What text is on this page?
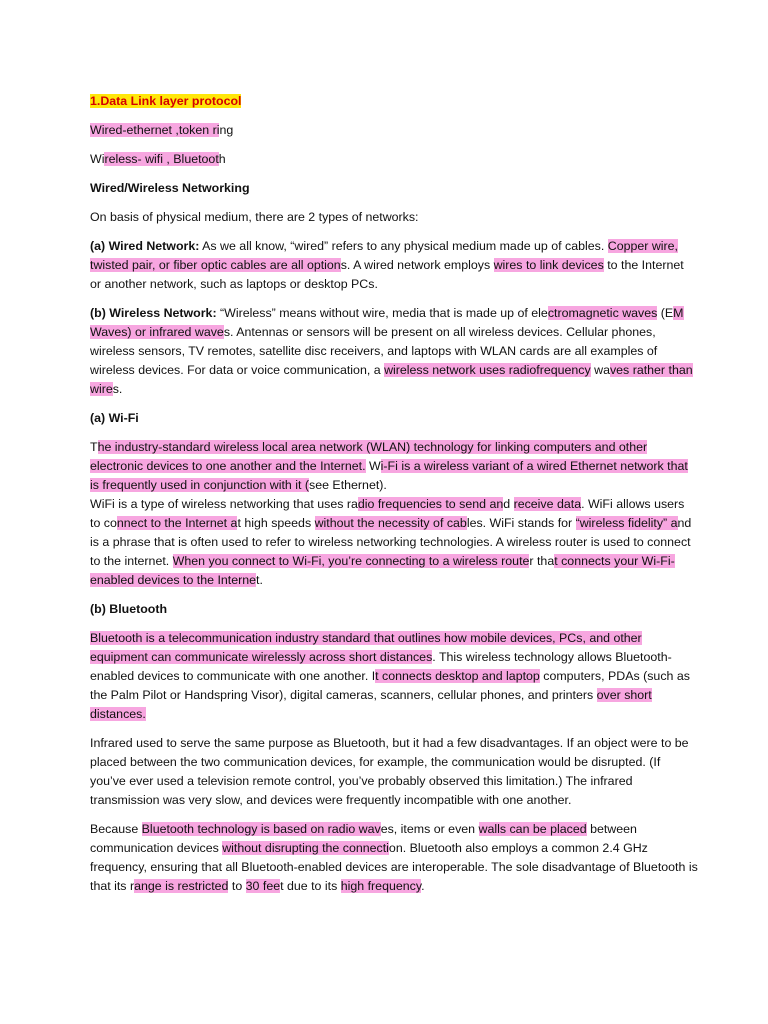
1.Data Link layer protocol

Wired-ethernet ,token ring

Wireless- wifi , Bluetooth

Wired/Wireless Networking

On basis of physical medium, there are 2 types of networks:

(a) Wired Network: As we all know, “wired” refers to any physical medium made up of cables. Copper wire, twisted pair, or fiber optic cables are all options. A wired network employs wires to link devices to the Internet or another network, such as laptops or desktop PCs.

(b) Wireless Network: “Wireless” means without wire, media that is made up of electromagnetic waves (EM Waves) or infrared waves. Antennas or sensors will be present on all wireless devices. Cellular phones, wireless sensors, TV remotes, satellite disc receivers, and laptops with WLAN cards are all examples of wireless devices. For data or voice communication, a wireless network uses radiofrequency waves rather than wires.

(a) Wi-Fi

The industry-standard wireless local area network (WLAN) technology for linking computers and other electronic devices to one another and the Internet. Wi-Fi is a wireless variant of a wired Ethernet network that is frequently used in conjunction with it (see Ethernet).
WiFi is a type of wireless networking that uses radio frequencies to send and receive data. WiFi allows users to connect to the Internet at high speeds without the necessity of cables. WiFi stands for “wireless fidelity” and is a phrase that is often used to refer to wireless networking technologies. A wireless router is used to connect to the internet. When you connect to Wi-Fi, you’re connecting to a wireless router that connects your Wi-Fi-enabled devices to the Internet.

(b) Bluetooth

Bluetooth is a telecommunication industry standard that outlines how mobile devices, PCs, and other equipment can communicate wirelessly across short distances. This wireless technology allows Bluetooth-enabled devices to communicate with one another. It connects desktop and laptop computers, PDAs (such as the Palm Pilot or Handspring Visor), digital cameras, scanners, cellular phones, and printers over short distances.

Infrared used to serve the same purpose as Bluetooth, but it had a few disadvantages. If an object were to be placed between the two communication devices, for example, the communication would be disrupted. (If you’ve ever used a television remote control, you’ve probably observed this limitation.) The infrared transmission was very slow, and devices were frequently incompatible with one another.

Because Bluetooth technology is based on radio waves, items or even walls can be placed between communication devices without disrupting the connection. Bluetooth also employs a common 2.4 GHz frequency, ensuring that all Bluetooth-enabled devices are interoperable. The sole disadvantage of Bluetooth is that its range is restricted to 30 feet due to its high frequency.
